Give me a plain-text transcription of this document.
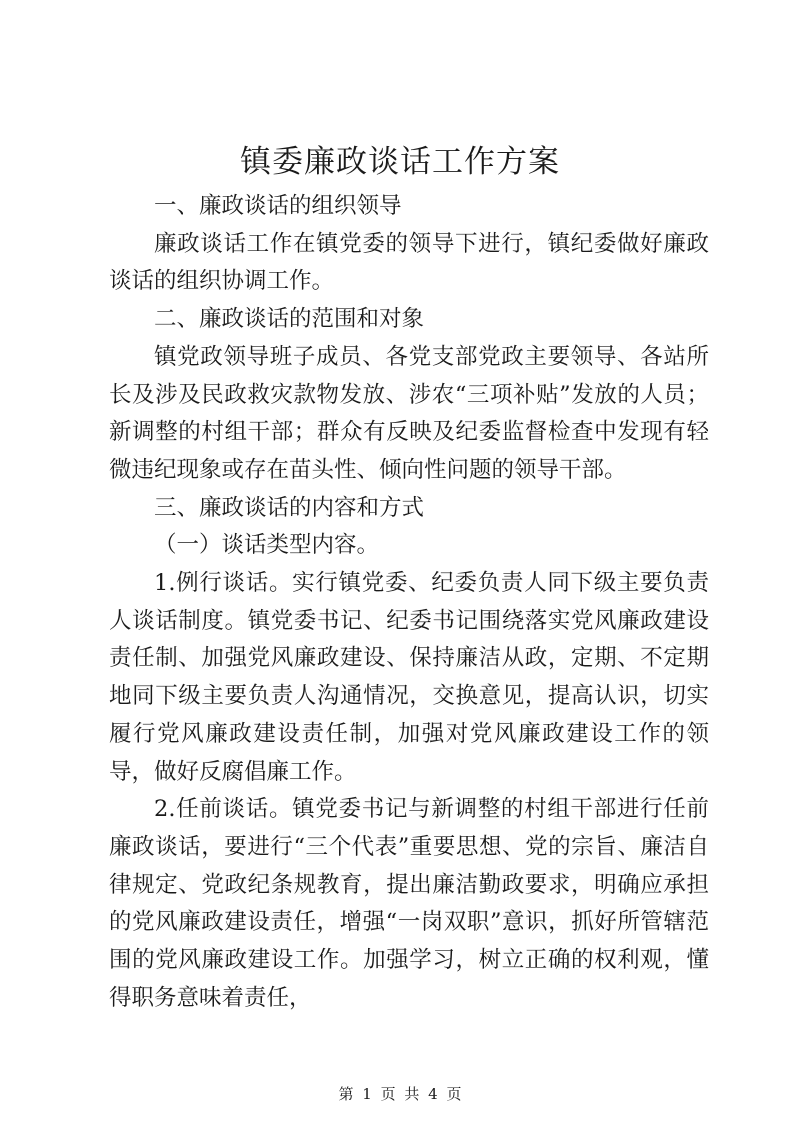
镇委廉政谈话工作方案

一、廉政谈话的组织领导

廉政谈话工作在镇党委的领导下进行，镇纪委做好廉政谈话的组织协调工作。

二、廉政谈话的范围和对象

镇党政领导班子成员、各党支部党政主要领导、各站所长及涉及民政救灾款物发放、涉农“三项补贴”发放的人员；新调整的村组干部；群众有反映及纪委监督检查中发现有轻微违纪现象或存在苗头性、倾向性问题的领导干部。

三、廉政谈话的内容和方式

（一）谈话类型内容。

1.例行谈话。实行镇党委、纪委负责人同下级主要负责人谈话制度。镇党委书记、纪委书记围绕落实党风廉政建设责任制、加强党风廉政建设、保持廉洁从政，定期、不定期地同下级主要负责人沟通情况，交换意见，提高认识，切实履行党风廉政建设责任制，加强对党风廉政建设工作的领导，做好反腐倡廉工作。

2.任前谈话。镇党委书记与新调整的村组干部进行任前廉政谈话，要进行“三个代表”重要思想、党的宗旨、廉洁自律规定、党政纪条规教育，提出廉洁勤政要求，明确应承担的党风廉政建设责任，增强“一岗双职”意识，抓好所管辖范围的党风廉政建设工作。加强学习，树立正确的权利观，懂得职务意味着责任，

第 1 页 共 4 页
